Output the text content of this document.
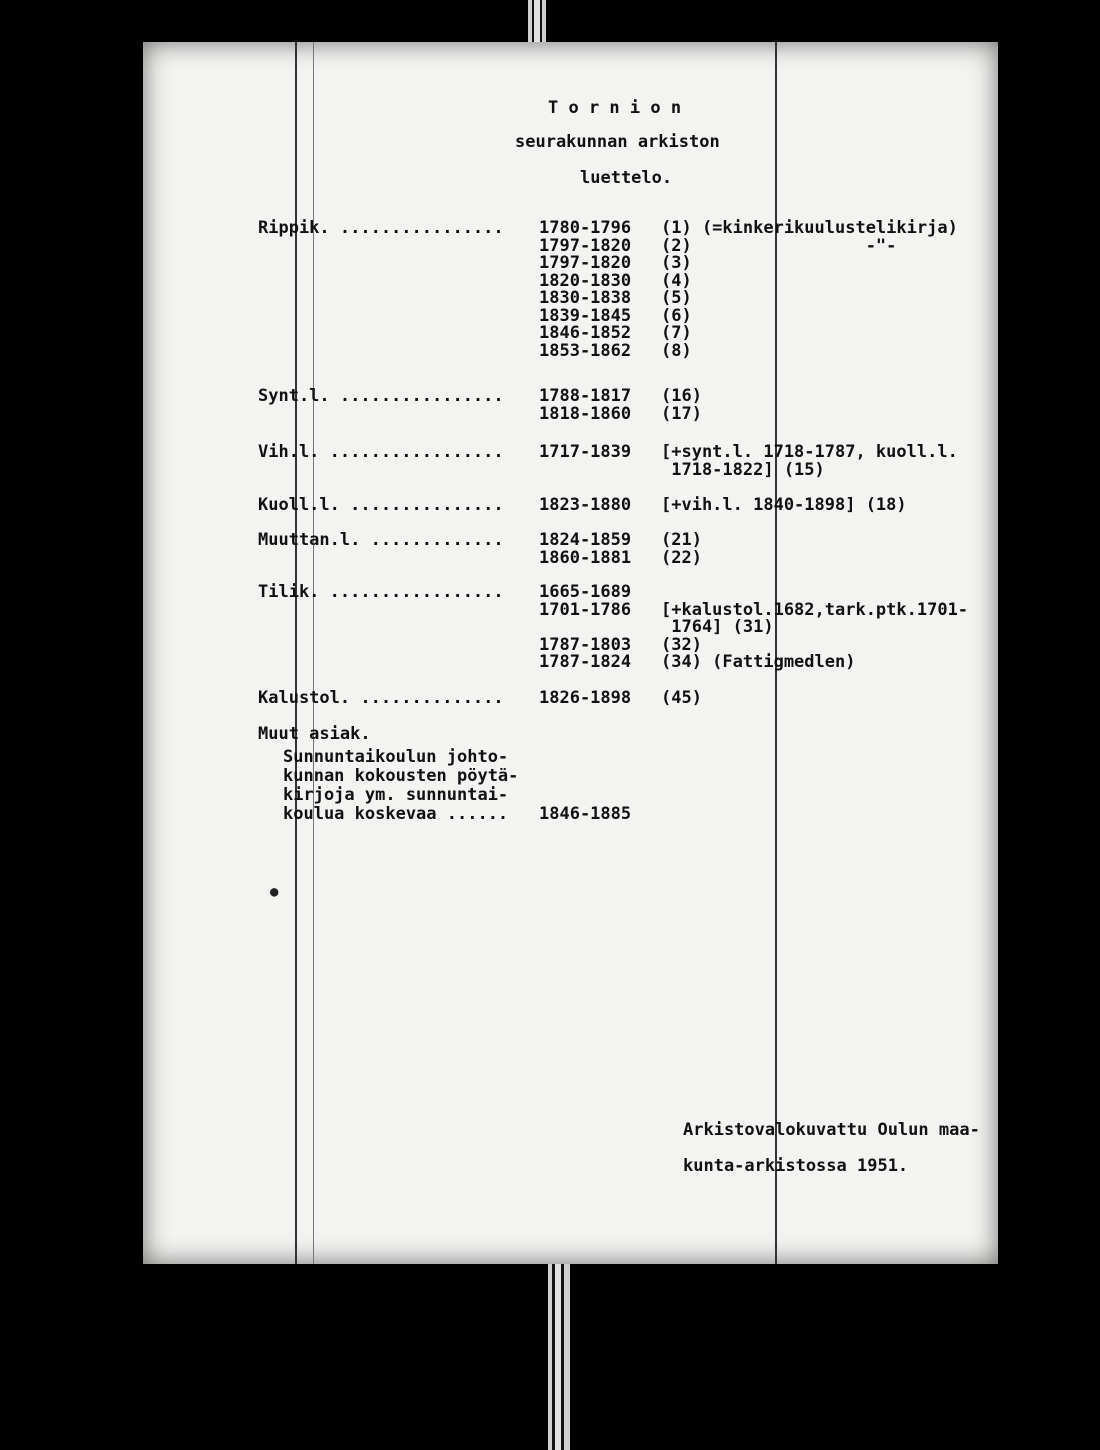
T o r n i o n
seurakunnan arkiston
luettelo.
Rippik. ................ 1780-1796 (1) (=kinkerikuulustelikirja)
1797-1820 (2)                 -"-
1797-1820 (3)
1820-1830 (4)
1830-1838 (5)
1839-1845 (6)
1846-1852 (7)
1853-1862 (8)
Synt.l. ................ 1788-1817 (16)
1818-1860 (17)
Vih.l. ................. 1717-1839 [+synt.l. 1718-1787, kuoll.l.
1718-1822] (15)
Kuoll.l. ............... 1823-1880 [+vih.l. 1840-1898] (18)
Muuttan.l. ............. 1824-1859 (21)
1860-1881 (22)
Tilik. ................. 1665-1689
1701-1786 [+kalustol.1682,tark.ptk.1701-
1764] (31)
1787-1803 (32)
1787-1824 (34) (Fattigmedlen)
Kalustol. .............. 1826-1898 (45)
Muut asiak.
Sunnuntaikoulun johto-
kunnan kokousten pöytä-
kirjoja ym. sunnuntai-
koulua koskevaa ...... 1846-1885
Arkistovalokuvattu Oulun maa-
kunta-arkistossa 1951.
●
